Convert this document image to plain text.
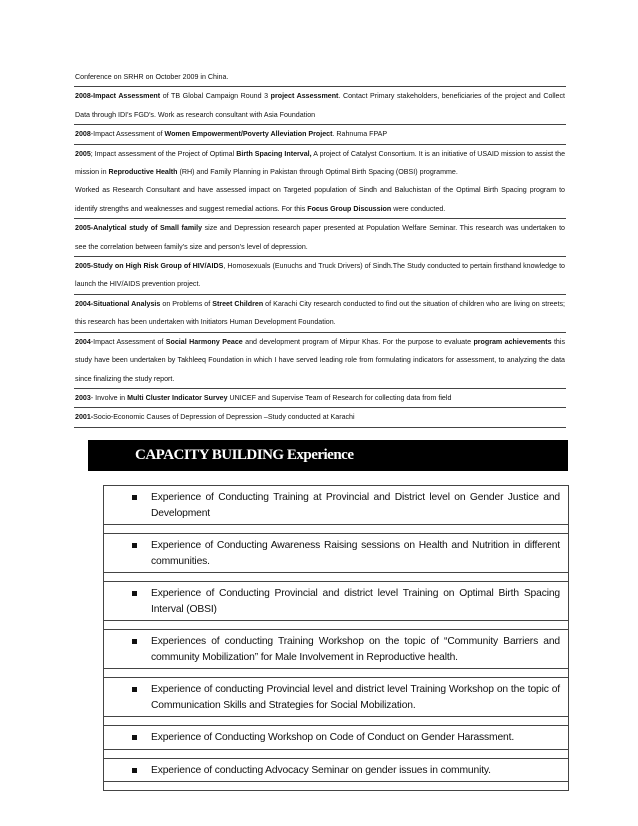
Conference on SRHR on October 2009 in China.
2008-Impact Assessment of TB Global Campaign Round 3 project Assessment. Contact Primary stakeholders, beneficiaries of the project and Collect Data through IDI’s FGD’s. Work as research consultant with Asia Foundation
2008-Impact Assessment of Women Empowerment/Poverty Alleviation Project. Rahnuma FPAP
2005; Impact assessment of the Project of Optimal Birth Spacing Interval, A project of Catalyst Consortium. It is an initiative of USAID mission to assist the mission in Reproductive Health (RH) and Family Planning in Pakistan through Optimal Birth Spacing (OBSI) programme.
Worked as Research Consultant and have assessed impact on Targeted population of Sindh and Baluchistan of the Optimal Birth Spacing program to identify strengths and weaknesses and suggest remedial actions. For this Focus Group Discussion were conducted.
2005-Analytical study of Small family size and Depression research paper presented at Population Welfare Seminar. This research was undertaken to see the correlation between family’s size and person’s level of depression.
2005-Study on High Risk Group of HIV/AIDS, Homosexuals (Eunuchs and Truck Drivers) of Sindh.The Study conducted to pertain firsthand knowledge to launch the HIV/AIDS prevention project.
2004-Situational Analysis on Problems of Street Children of Karachi City research conducted to find out the situation of children who are living on streets; this research has been undertaken with Initiators Human Development Foundation.
2004-Impact Assessment of Social Harmony Peace and development program of Mirpur Khas. For the purpose to evaluate program achievements this study have been undertaken by Takhleeq Foundation in which I have served leading role from formulating indicators for assessment, to analyzing the data since finalizing the study report.
2003- Involve in Multi Cluster Indicator Survey UNICEF and Supervise Team of Research for collecting data from field
2001-Socio-Economic Causes of Depression of Depression –Study conducted at Karachi
CAPACITY BUILDING Experience
Experience of Conducting Training at Provincial and District level on Gender Justice and Development
Experience of Conducting Awareness Raising sessions on Health and Nutrition in different communities.
Experience of Conducting Provincial and district level Training on Optimal Birth Spacing Interval (OBSI)
Experiences of conducting Training Workshop on the topic of “Community Barriers and community Mobilization” for Male Involvement in Reproductive health.
Experience of conducting Provincial level and district level Training Workshop on the topic of Communication Skills and Strategies for Social Mobilization.
Experience of Conducting Workshop on Code of Conduct on Gender Harassment.
Experience of conducting Advocacy Seminar on gender issues in community.
